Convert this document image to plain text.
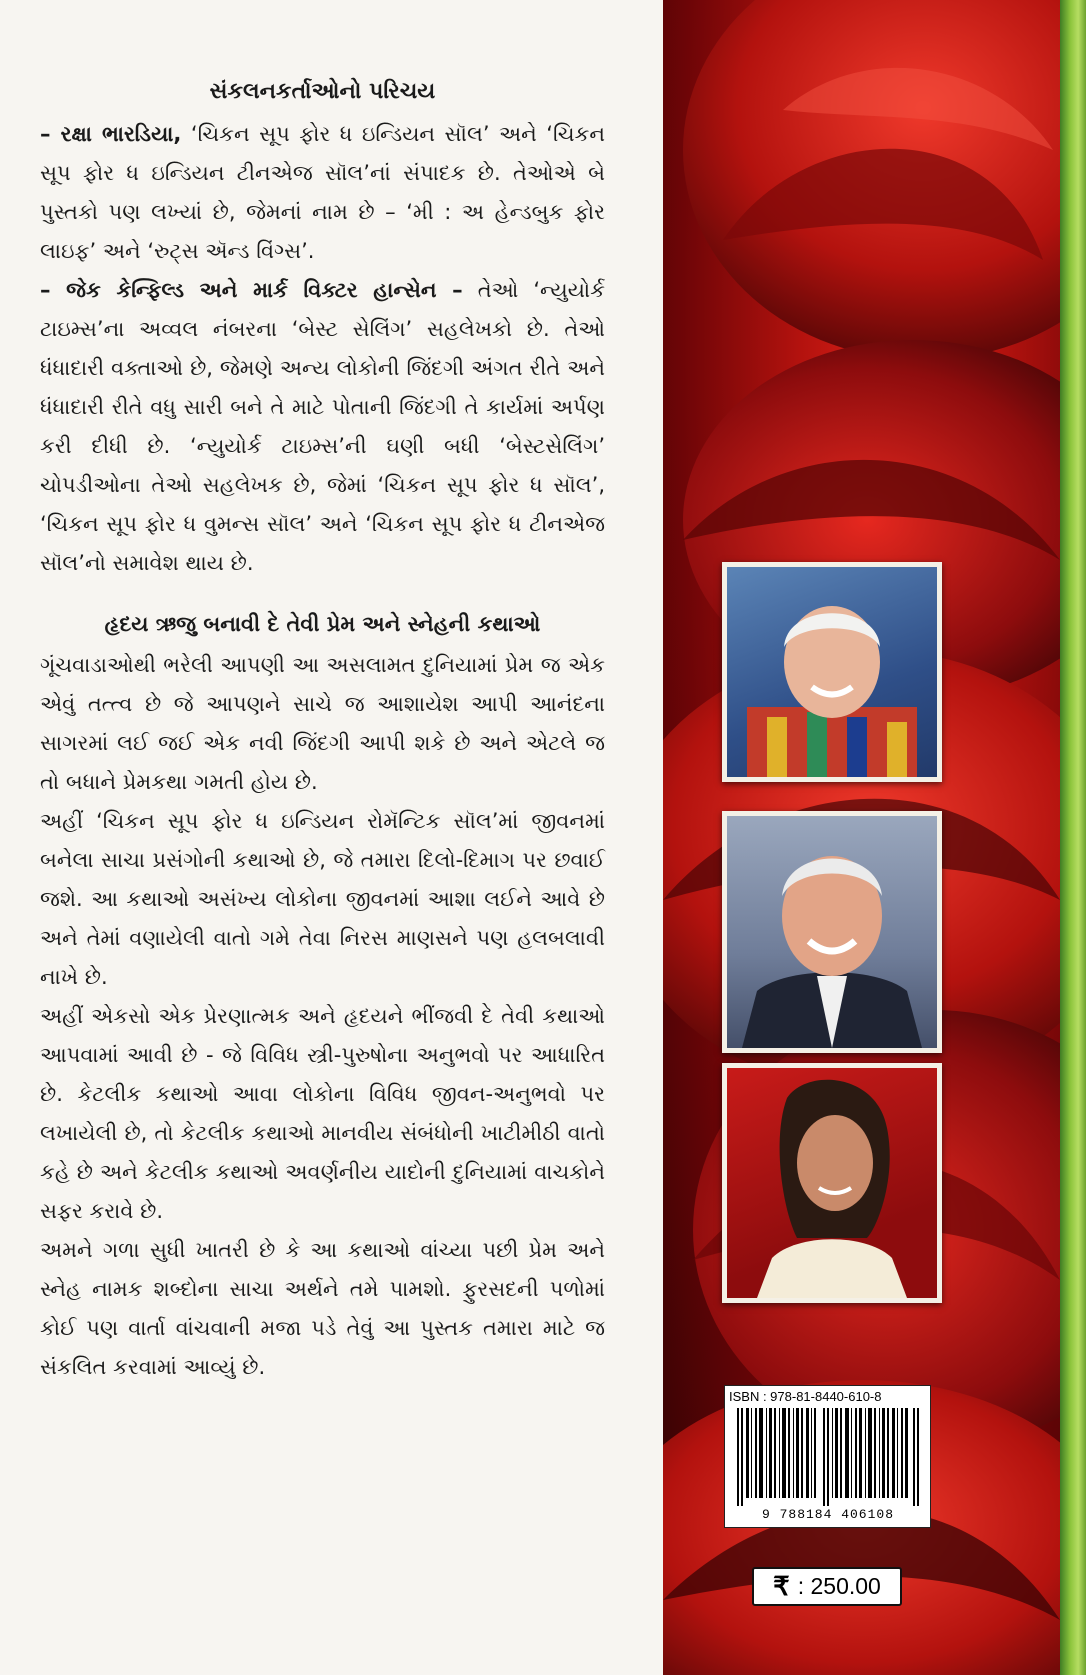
સંકલનકર્તાઓનો પરિચય

– રક્ષા ભારડિયા, ‘ચિકન સૂપ ફોર ધ ઇન્ડિયન સૉલ’ અને ‘ચિકન સૂપ ફોર ધ ઇન્ડિયન ટીનએજ સૉલ’નાં સંપાદક છે. તેઓએ બે પુસ્તકો પણ લખ્યાં છે, જેમનાં નામ છે – ‘મી : અ હેન્ડબુક ફોર લાઇફ’ અને ‘રુટ્સ ઍન્ડ વિંગ્સ’.

– જેક કેન્ફિલ્ડ અને માર્ક વિક્ટર હાન્સેન – તેઓ ‘ન્યુયોર્ક ટાઇમ્સ’ના અવ્વલ નંબરના ‘બેસ્ટ સેલિંગ’ સહલેખકો છે. તેઓ ધંધાદારી વક્તાઓ છે, જેમણે અન્ય લોકોની જિંદગી અંગત રીતે અને ધંધાદારી રીતે વધુ સારી બને તે માટે પોતાની જિંદગી તે કાર્યમાં અર્પણ કરી દીધી છે. ‘ન્યુયોર્ક ટાઇમ્સ’ની ઘણી બધી ‘બેસ્ટસેલિંગ’ ચોપડીઓના તેઓ સહલેખક છે, જેમાં ‘ચિકન સૂપ ફોર ધ સૉલ’, ‘ચિકન સૂપ ફોર ધ વુમન્સ સૉલ’ અને ‘ચિકન સૂપ ફોર ધ ટીનએજ સૉલ’નો સમાવેશ થાય છે.

હૃદય ઋજુ બનાવી દે તેવી પ્રેમ અને સ્નેહની કથાઓ

ગૂંચવાડાઓથી ભરેલી આપણી આ અસલામત દુનિયામાં પ્રેમ જ એક એવું તત્ત્વ છે જે આપણને સાચે જ આશાયેશ આપી આનંદના સાગરમાં લઈ જઈ એક નવી જિંદગી આપી શકે છે અને એટલે જ તો બધાને પ્રેમકથા ગમતી હોય છે.

અહીં ‘ચિકન સૂપ ફોર ધ ઇન્ડિયન રોમૅન્ટિક સૉલ’માં જીવનમાં બનેલા સાચા પ્રસંગોની કથાઓ છે, જે તમારા દિલો-દિમાગ પર છવાઈ જશે. આ કથાઓ અસંખ્ય લોકોના જીવનમાં આશા લઈને આવે છે અને તેમાં વણાયેલી વાતો ગમે તેવા નિરસ માણસને પણ હલબલાવી નાખે છે.

અહીં એકસો એક પ્રેરણાત્મક અને હૃદયને ભીંજવી દે તેવી કથાઓ આપવામાં આવી છે - જે વિવિધ સ્ત્રી-પુરુષોના અનુભવો પર આધારિત છે. કેટલીક કથાઓ આવા લોકોના વિવિધ જીવન-અનુભવો પર લખાયેલી છે, તો કેટલીક કથાઓ માનવીય સંબંધોની ખાટીમીઠી વાતો કહે છે અને કેટલીક કથાઓ અવર્ણનીય યાદોની દુનિયામાં વાચકોને સફર કરાવે છે.

અમને ગળા સુધી ખાતરી છે કે આ કથાઓ વાંચ્યા પછી પ્રેમ અને સ્નેહ નામક શબ્દોના સાચા અર્થને તમે પામશો. ફુરસદની પળોમાં કોઈ પણ વાર્તા વાંચવાની મજા પડે તેવું આ પુસ્તક તમારા માટે જ સંકલિત કરવામાં આવ્યું છે.

ISBN : 978-81-8440-610-8
9 788184 406108
₹ : 250.00
